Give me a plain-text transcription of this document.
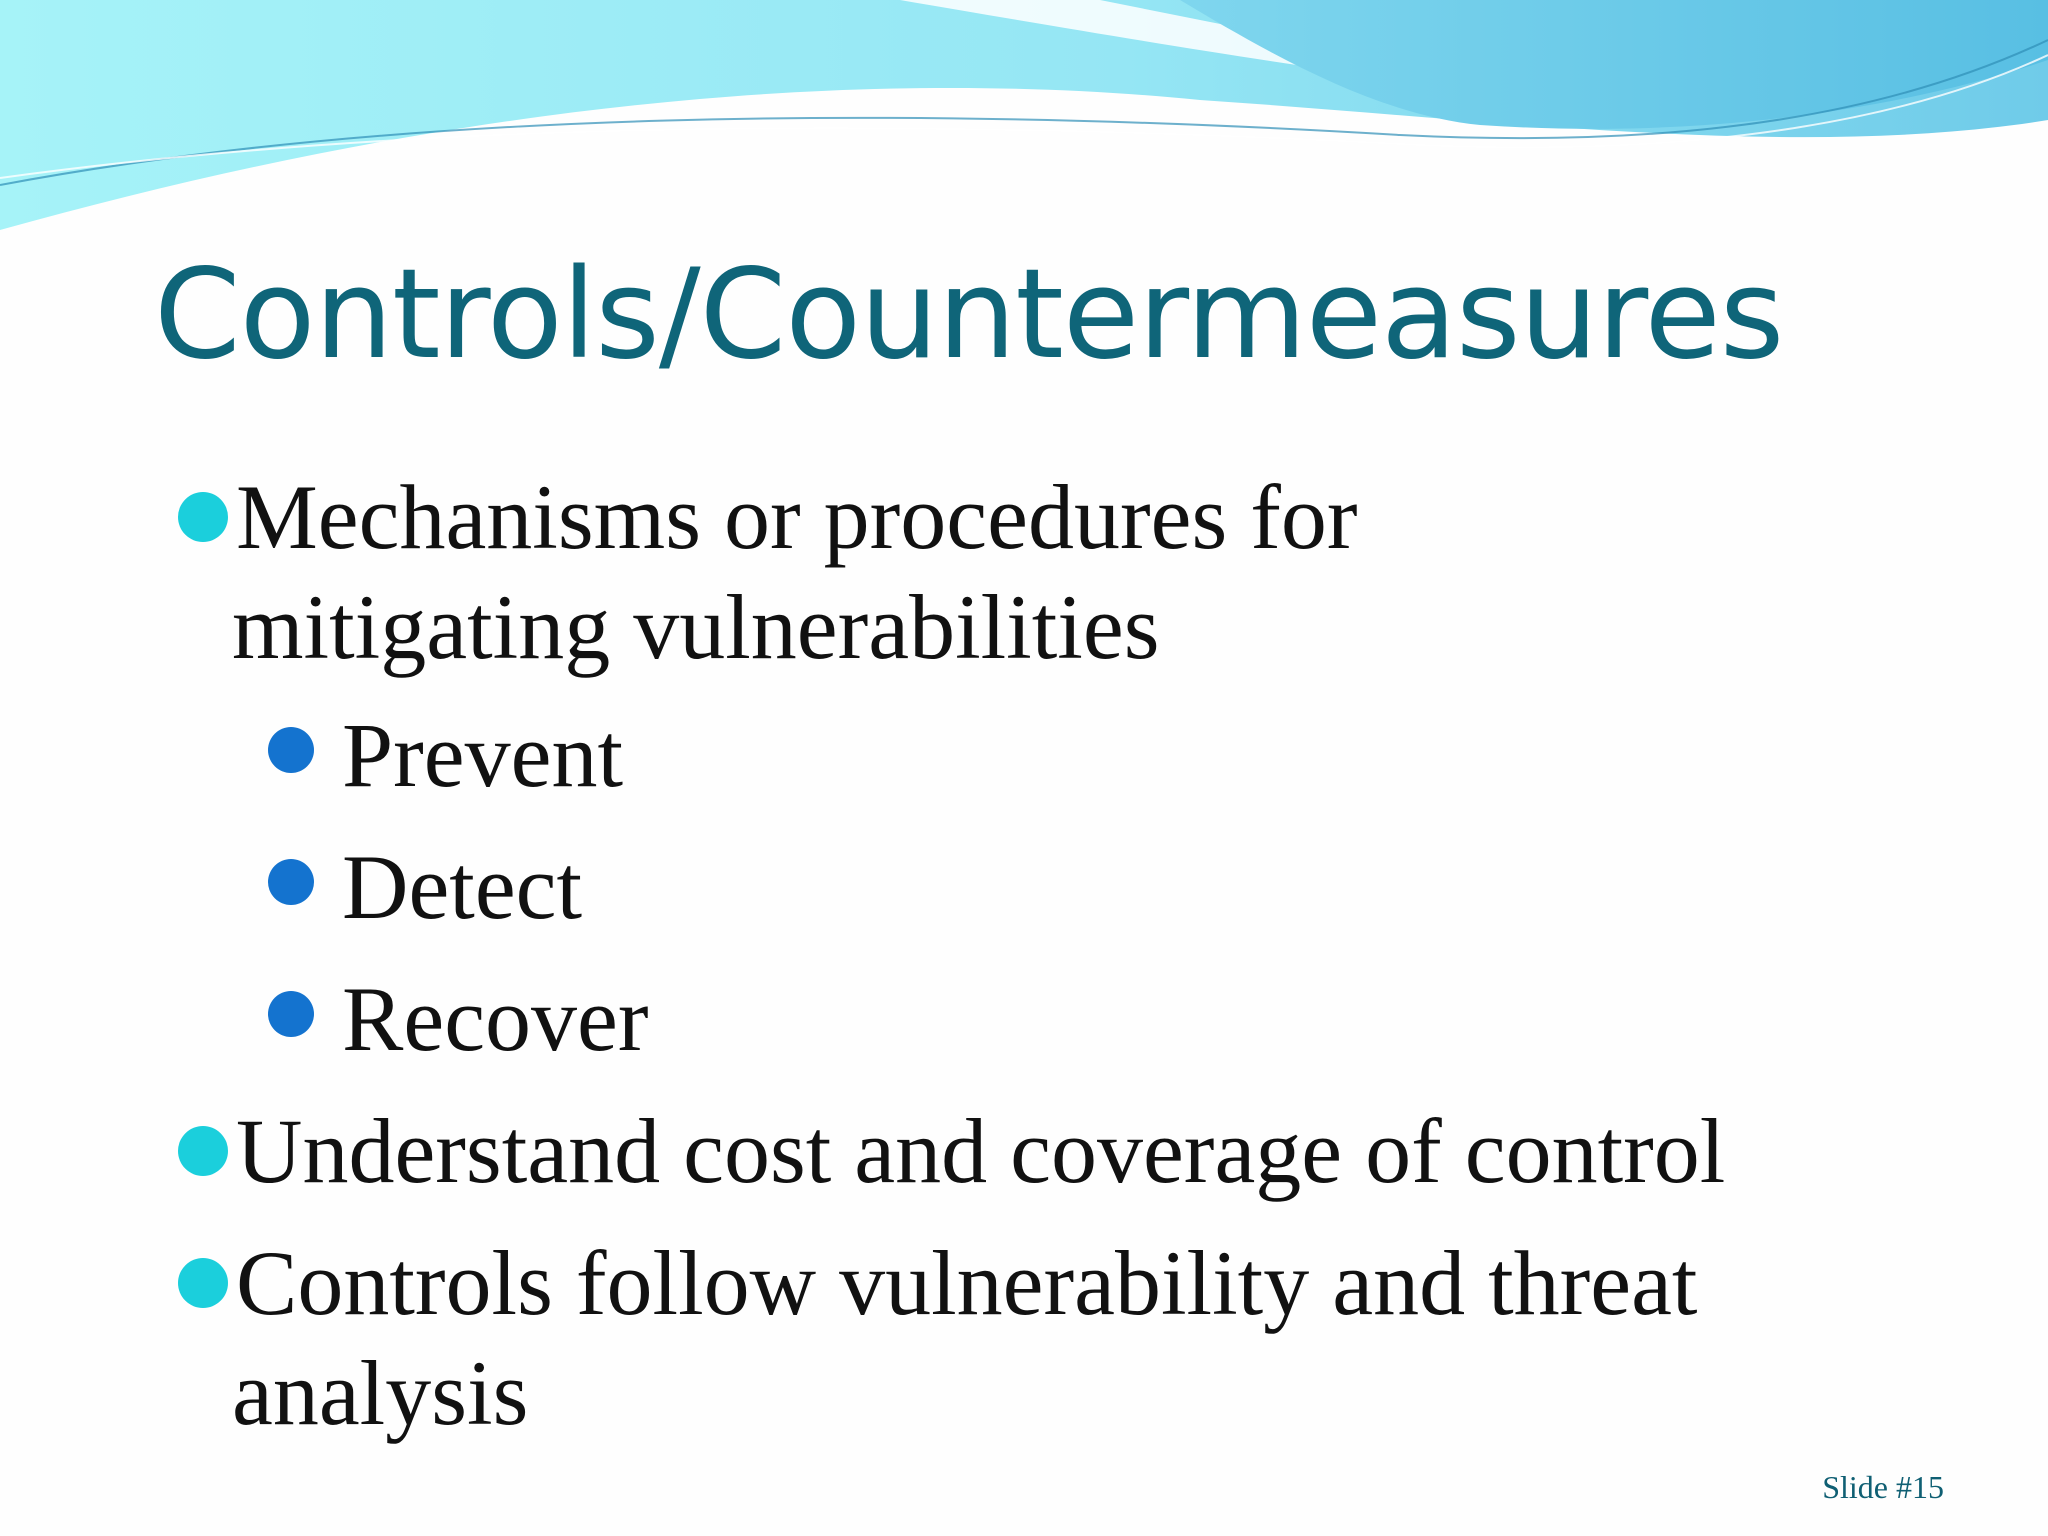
Controls/Countermeasures
Mechanisms or procedures for
mitigating vulnerabilities
Prevent
Detect
Recover
Understand cost and coverage of control
Controls follow vulnerability and threat
analysis
Slide #15
